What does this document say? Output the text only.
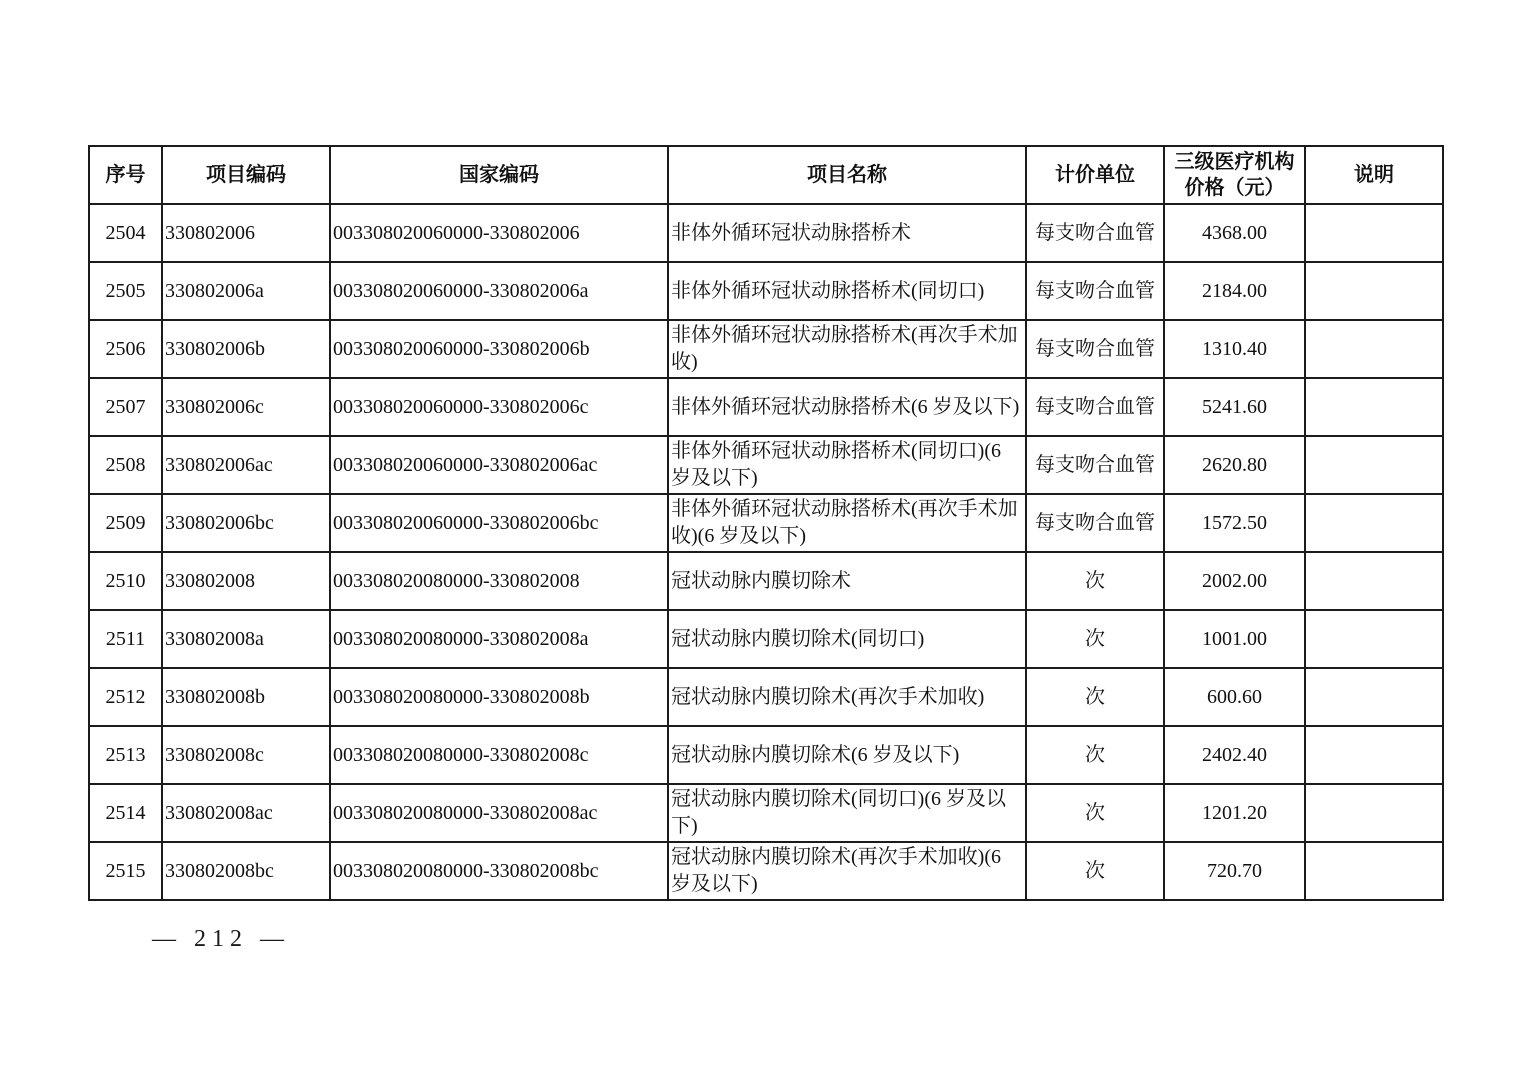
序号	项目编码	国家编码	项目名称	计价单位	三级医疗机构价格（元）	说明
2504	330802006	003308020060000-330802006	非体外循环冠状动脉搭桥术	每支吻合血管	4368.00	
2505	330802006a	003308020060000-330802006a	非体外循环冠状动脉搭桥术(同切口)	每支吻合血管	2184.00	
2506	330802006b	003308020060000-330802006b	非体外循环冠状动脉搭桥术(再次手术加收)	每支吻合血管	1310.40	
2507	330802006c	003308020060000-330802006c	非体外循环冠状动脉搭桥术(6 岁及以下)	每支吻合血管	5241.60	
2508	330802006ac	003308020060000-330802006ac	非体外循环冠状动脉搭桥术(同切口)(6 岁及以下)	每支吻合血管	2620.80	
2509	330802006bc	003308020060000-330802006bc	非体外循环冠状动脉搭桥术(再次手术加收)(6 岁及以下)	每支吻合血管	1572.50	
2510	330802008	003308020080000-330802008	冠状动脉内膜切除术	次	2002.00	
2511	330802008a	003308020080000-330802008a	冠状动脉内膜切除术(同切口)	次	1001.00	
2512	330802008b	003308020080000-330802008b	冠状动脉内膜切除术(再次手术加收)	次	600.60	
2513	330802008c	003308020080000-330802008c	冠状动脉内膜切除术(6 岁及以下)	次	2402.40	
2514	330802008ac	003308020080000-330802008ac	冠状动脉内膜切除术(同切口)(6 岁及以下)	次	1201.20	
2515	330802008bc	003308020080000-330802008bc	冠状动脉内膜切除术(再次手术加收)(6 岁及以下)	次	720.70	
— 212 —
